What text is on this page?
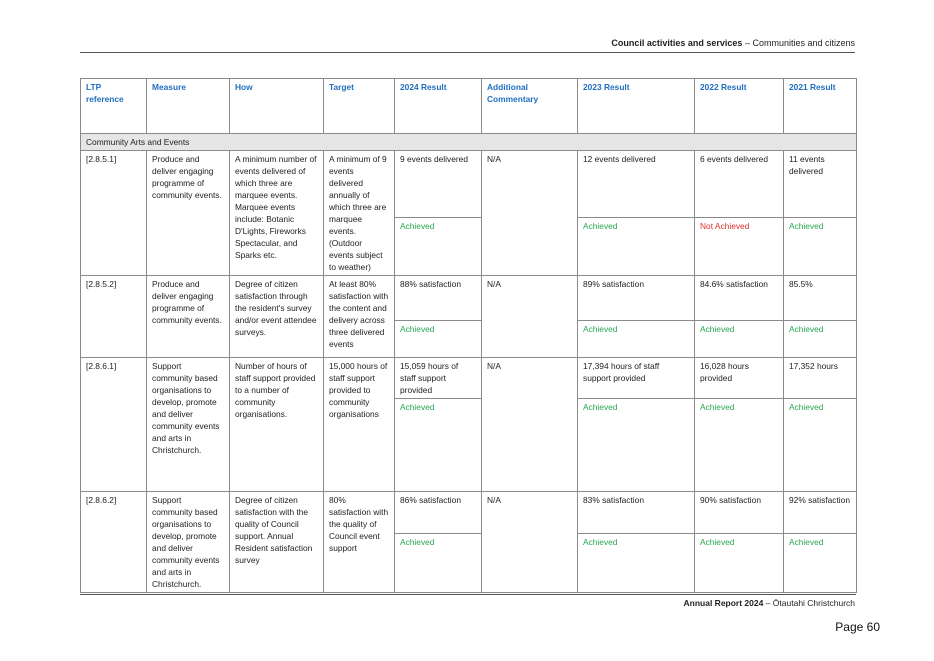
Council activities and services – Communities and citizens
LTP reference	Measure	How	Target	2024 Result	Additional Commentary	2023 Result	2022 Result	2021 Result
Community Arts and Events								
[2.8.5.1]	Produce and deliver engaging programme of community events.	A minimum number of events delivered of which three are marquee events. Marquee events include: Botanic D'Lights, Fireworks Spectacular, and Sparks etc.	A minimum of 9 events delivered annually of which three are marquee events. (Outdoor events subject to weather)	9 events delivered	N/A	12 events delivered	6 events delivered	11 events delivered
				Achieved		Achieved	Not Achieved	Achieved
[2.8.5.2]	Produce and deliver engaging programme of community events.	Degree of citizen satisfaction through the resident's survey and/or event attendee surveys.	At least 80% satisfaction with the content and delivery across three delivered events	88% satisfaction	N/A	89% satisfaction	84.6% satisfaction	85.5%
				Achieved		Achieved	Achieved	Achieved
[2.8.6.1]	Support community based organisations to develop, promote and deliver community events and arts in Christchurch.	Number of hours of staff support provided to a number of community organisations.	15,000 hours of staff support provided to community organisations	15,059 hours of staff support provided	N/A	17,394 hours of staff support provided	16,028 hours provided	17,352 hours
				Achieved		Achieved	Achieved	Achieved
[2.8.6.2]	Support community based organisations to develop, promote and deliver community events and arts in Christchurch.	Degree of citizen satisfaction with the quality of Council support. Annual Resident satisfaction survey	80% satisfaction with the quality of Council event support	86% satisfaction	N/A	83% satisfaction	90% satisfaction	92% satisfaction
				Achieved		Achieved	Achieved	Achieved
Annual Report 2024 – Ōtautahi Christchurch
Page 60
